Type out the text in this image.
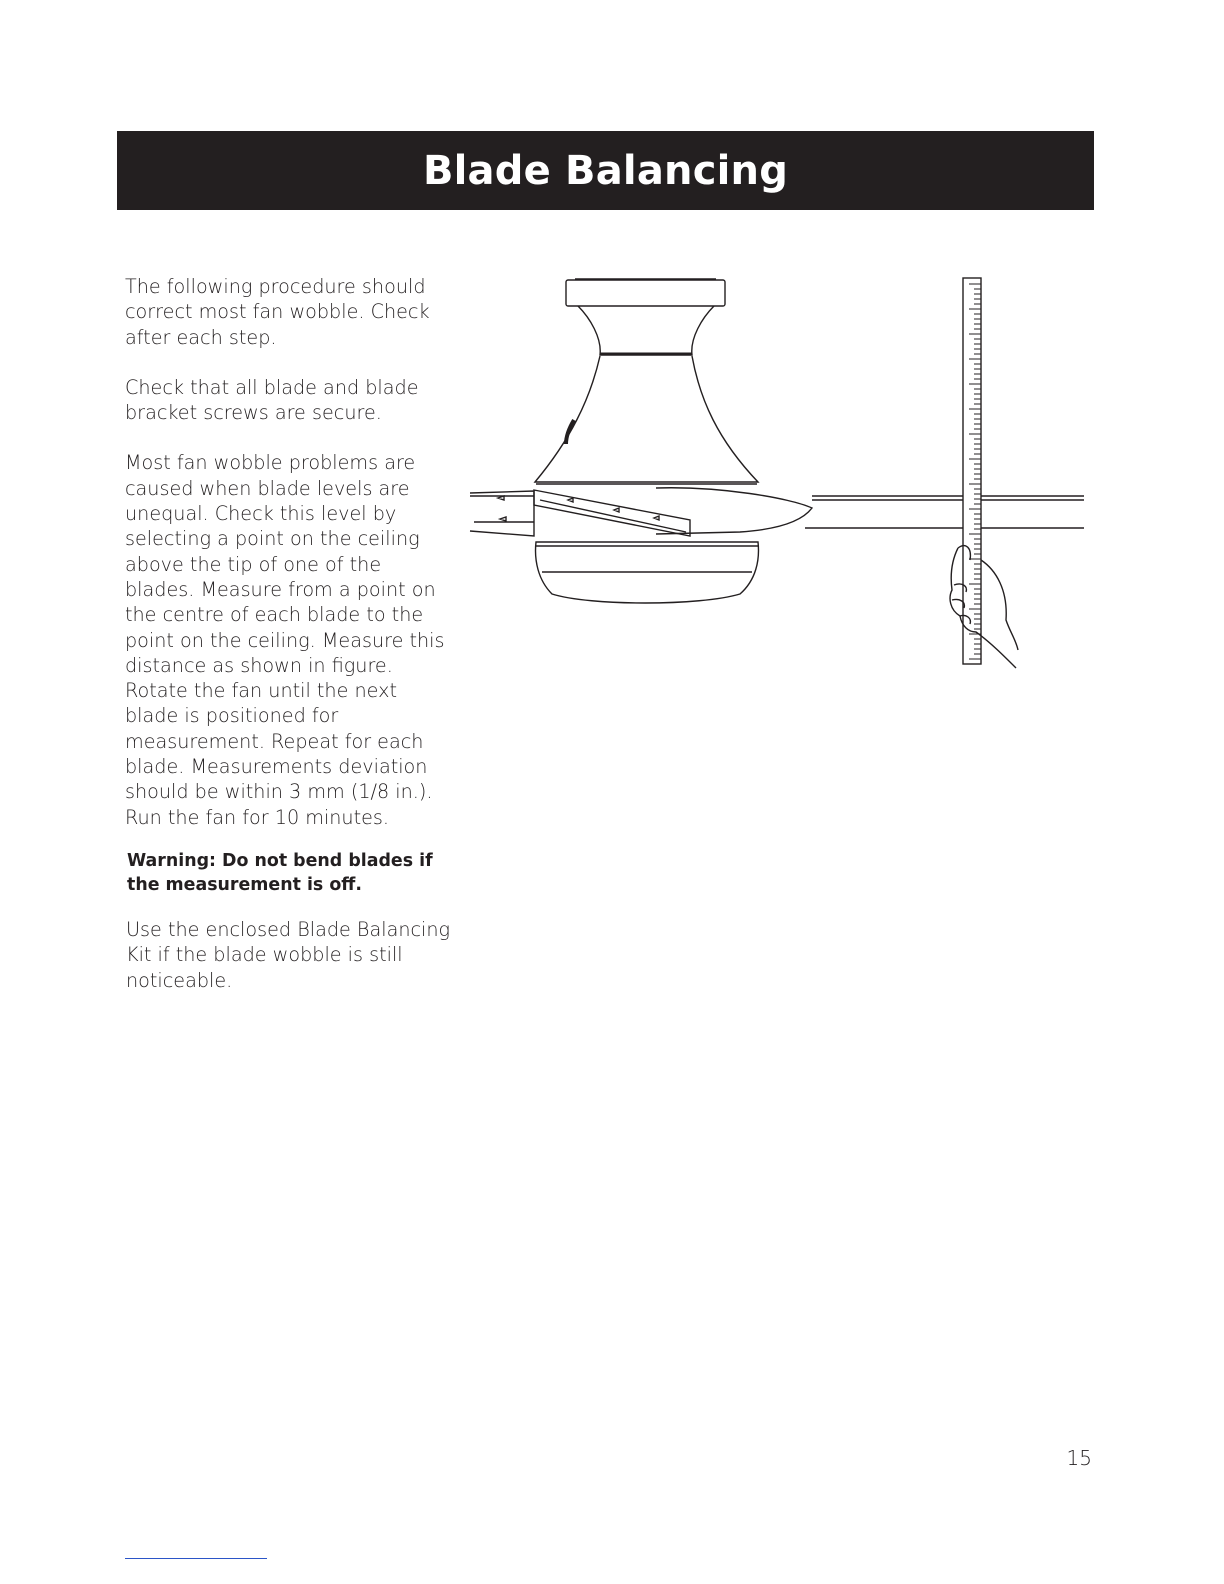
Blade Balancing

The following procedure should correct most fan wobble. Check after each step.

Check that all blade and blade bracket screws are secure.

Most fan wobble problems are caused when blade levels are unequal. Check this level by selecting a point on the ceiling above the tip of one of the blades. Measure from a point on the centre of each blade to the point on the ceiling. Measure this distance as shown in figure. Rotate the fan until the next blade is positioned for measurement. Repeat for each blade. Measurements deviation should be within 3 mm (1/8 in.). Run the fan for 10 minutes.

Warning: Do not bend blades if the measurement is off.

Use the enclosed Blade Balancing Kit if the blade wobble is still noticeable.

15
